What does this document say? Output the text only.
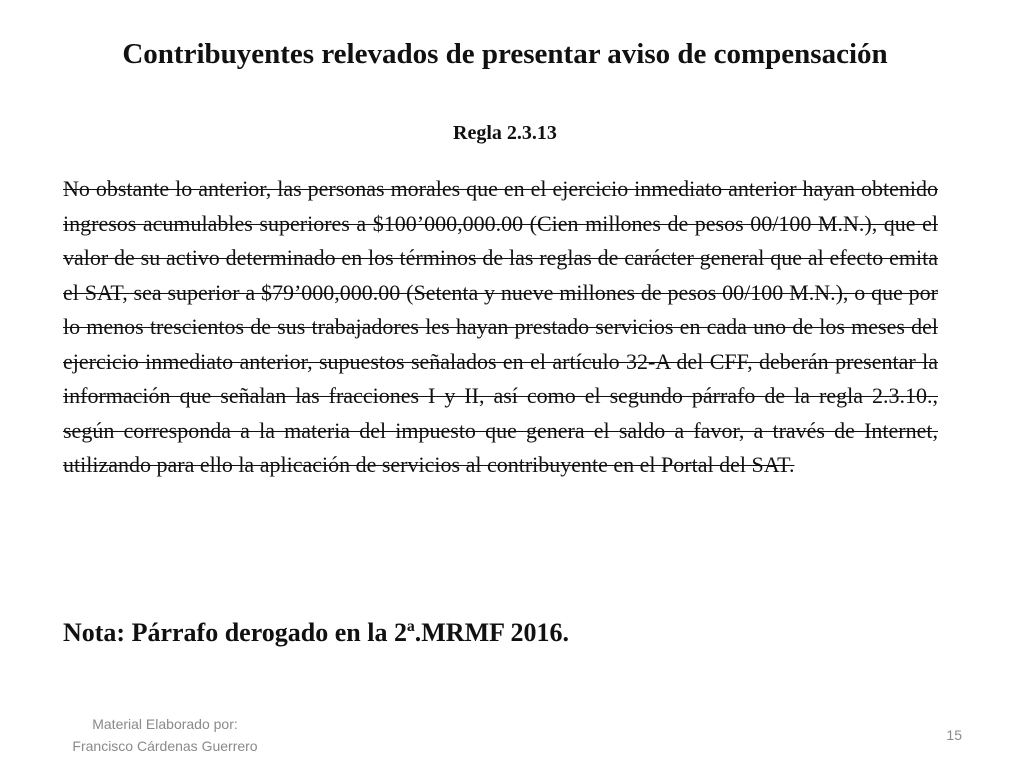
Contribuyentes relevados de presentar aviso de compensación
Regla 2.3.13

No obstante lo anterior, las personas morales que en el ejercicio inmediato anterior hayan obtenido ingresos acumulables superiores a $100’000,000.00 (Cien millones de pesos 00/100 M.N.), que el valor de su activo determinado en los términos de las reglas de carácter general que al efecto emita el SAT, sea superior a $79’000,000.00 (Setenta y nueve millones de pesos 00/100 M.N.), o que por lo menos trescientos de sus trabajadores les hayan prestado servicios en cada uno de los meses del ejercicio inmediato anterior, supuestos señalados en el artículo 32-A del CFF, deberán presentar la información que señalan las fracciones I y II, así como el segundo párrafo de la regla 2.3.10., según corresponda a la materia del impuesto que genera el saldo a favor, a través de Internet, utilizando para ello la aplicación de servicios al contribuyente en el Portal del SAT.

Nota: Párrafo derogado en la 2ª.MRMF 2016.

Material Elaborado por:
Francisco Cárdenas Guerrero
15
